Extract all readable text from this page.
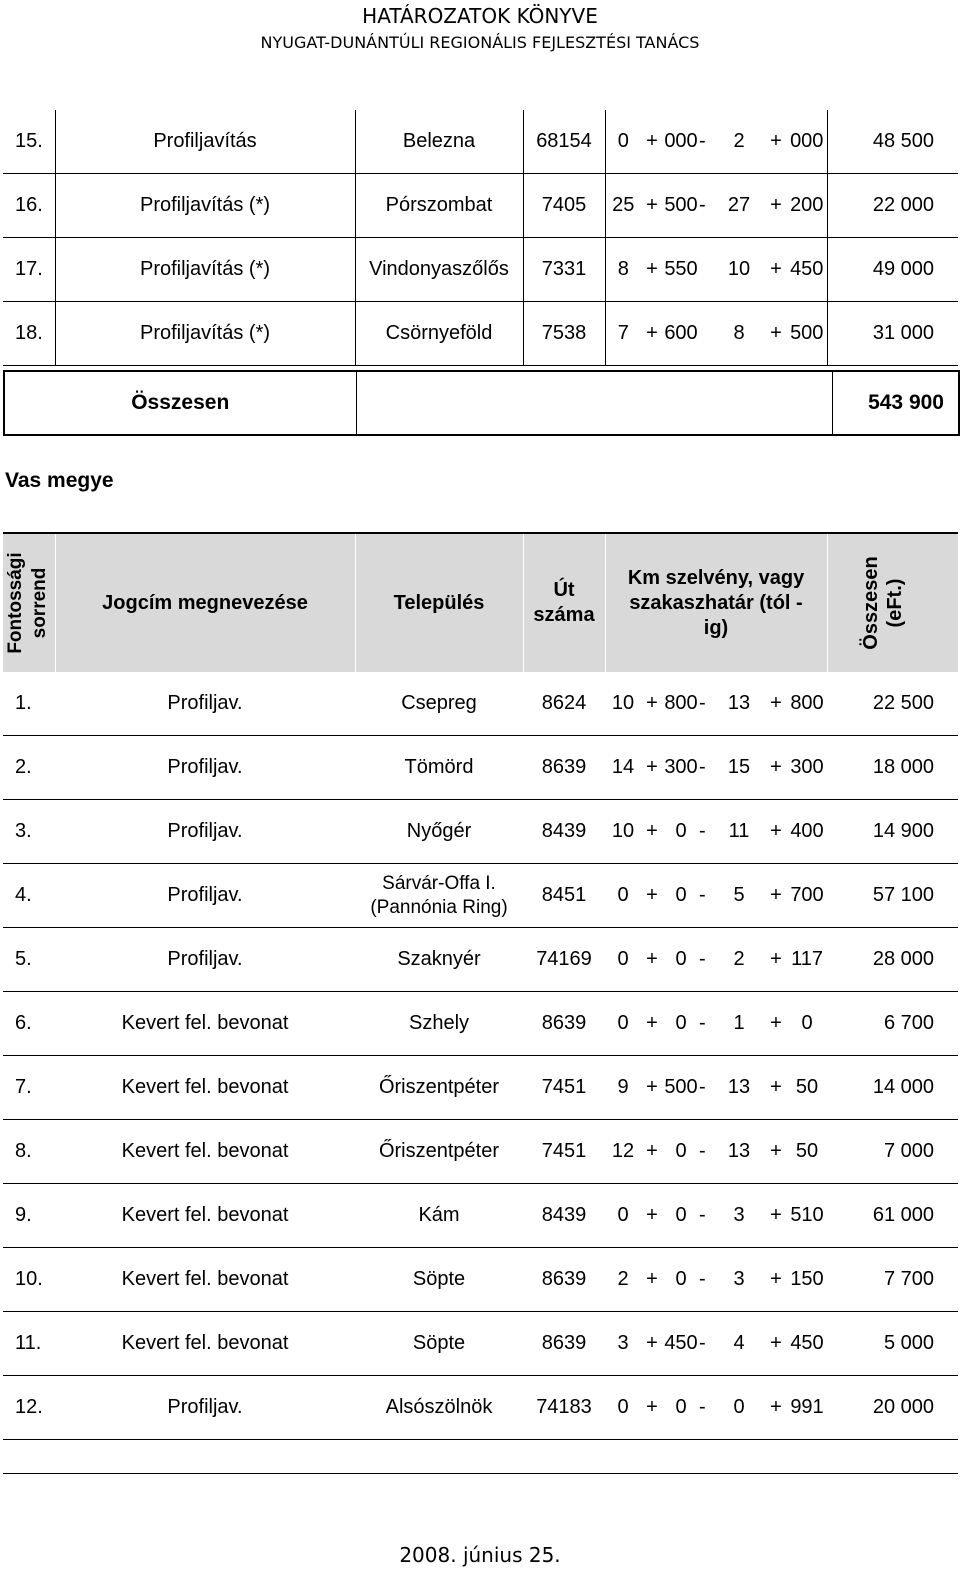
HATÁROZATOK KÖNYVE
NYUGAT-DUNÁNTÚLI REGIONÁLIS FEJLESZTÉSI TANÁCS
15.	Profiljavítás	Belezna	68154	0	+	000	-	2	+	000	48 500
16.	Profiljavítás (*)	Pórszombat	7405	25	+	500	-	27	+	200	22 000
17.	Profiljavítás (*)	Vindonyaszőlős	7331	8	+	550		10	+	450	49 000
18.	Profiljavítás (*)	Csörnyeföld	7538	7	+	600		8	+	500	31 000
Összesen		543 900
Vas megye
Fontossági sorrend	Jogcím megnevezése	Település	Út száma	Km szelvény, vagy szakaszhatár (tól - ig)							Összesen (eFt.)
1.	Profiljav.	Csepreg	8624	10	+	800	-	13	+	800	22 500
2.	Profiljav.	Tömörd	8639	14	+	300	-	15	+	300	18 000
3.	Profiljav.	Nyőgér	8439	10	+	0	-	11	+	400	14 900
4.	Profiljav.	Sárvár-Offa I. (Pannónia Ring)	8451	0	+	0	-	5	+	700	57 100
5.	Profiljav.	Szaknyér	74169	0	+	0	-	2	+	117	28 000
6.	Kevert fel. bevonat	Szhely	8639	0	+	0	-	1	+	0	6 700
7.	Kevert fel. bevonat	Őriszentpéter	7451	9	+	500	-	13	+	50	14 000
8.	Kevert fel. bevonat	Őriszentpéter	7451	12	+	0	-	13	+	50	7 000
9.	Kevert fel. bevonat	Kám	8439	0	+	0	-	3	+	510	61 000
10.	Kevert fel. bevonat	Söpte	8639	2	+	0	-	3	+	150	7 700
11.	Kevert fel. bevonat	Söpte	8639	3	+	450	-	4	+	450	5 000
12.	Profiljav.	Alsószölnök	74183	0	+	0	-	0	+	991	20 000
2008. június 25.
